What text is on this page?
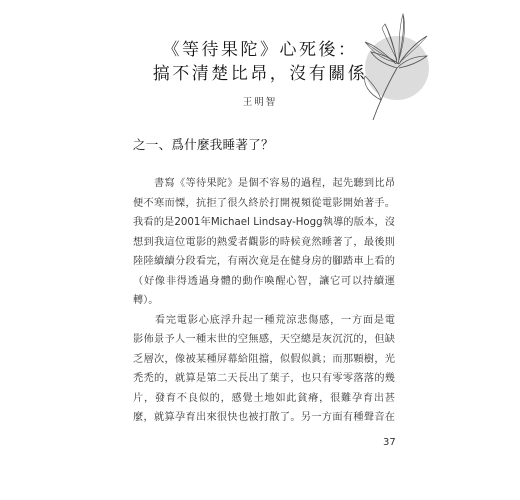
《等待果陀》心死後：
搞不清楚比昂，沒有關係
王明智
之一、爲什麼我睡著了？
　　書寫《等待果陀》是個不容易的過程，起先聽到比昂
便不寒而慄，抗拒了很久終於打開視頻從電影開始著手。
我看的是2001年Michael Lindsay-Hogg執導的版本，沒
想到我這位電影的熱愛者觀影的時候竟然睡著了，最後則
陸陸續續分段看完，有兩次竟是在健身房的腳踏車上看的
（好像非得透過身體的動作喚醒心智，讓它可以持續運
轉）。
　　看完電影心底浮升起一種荒涼悲傷感，一方面是電
影佈景予人一種末世的空無感，天空總是灰沉沉的，但缺
乏層次，像被某種屏幕給阻擋，似假似眞；而那顆樹，光
禿禿的，就算是第二天長出了葉子，也只有零零落落的幾
片，發育不良似的，感覺土地如此貧瘠，很難孕育出甚
麼，就算孕育出來很快也被打散了。另一方面有種聲音在
37
